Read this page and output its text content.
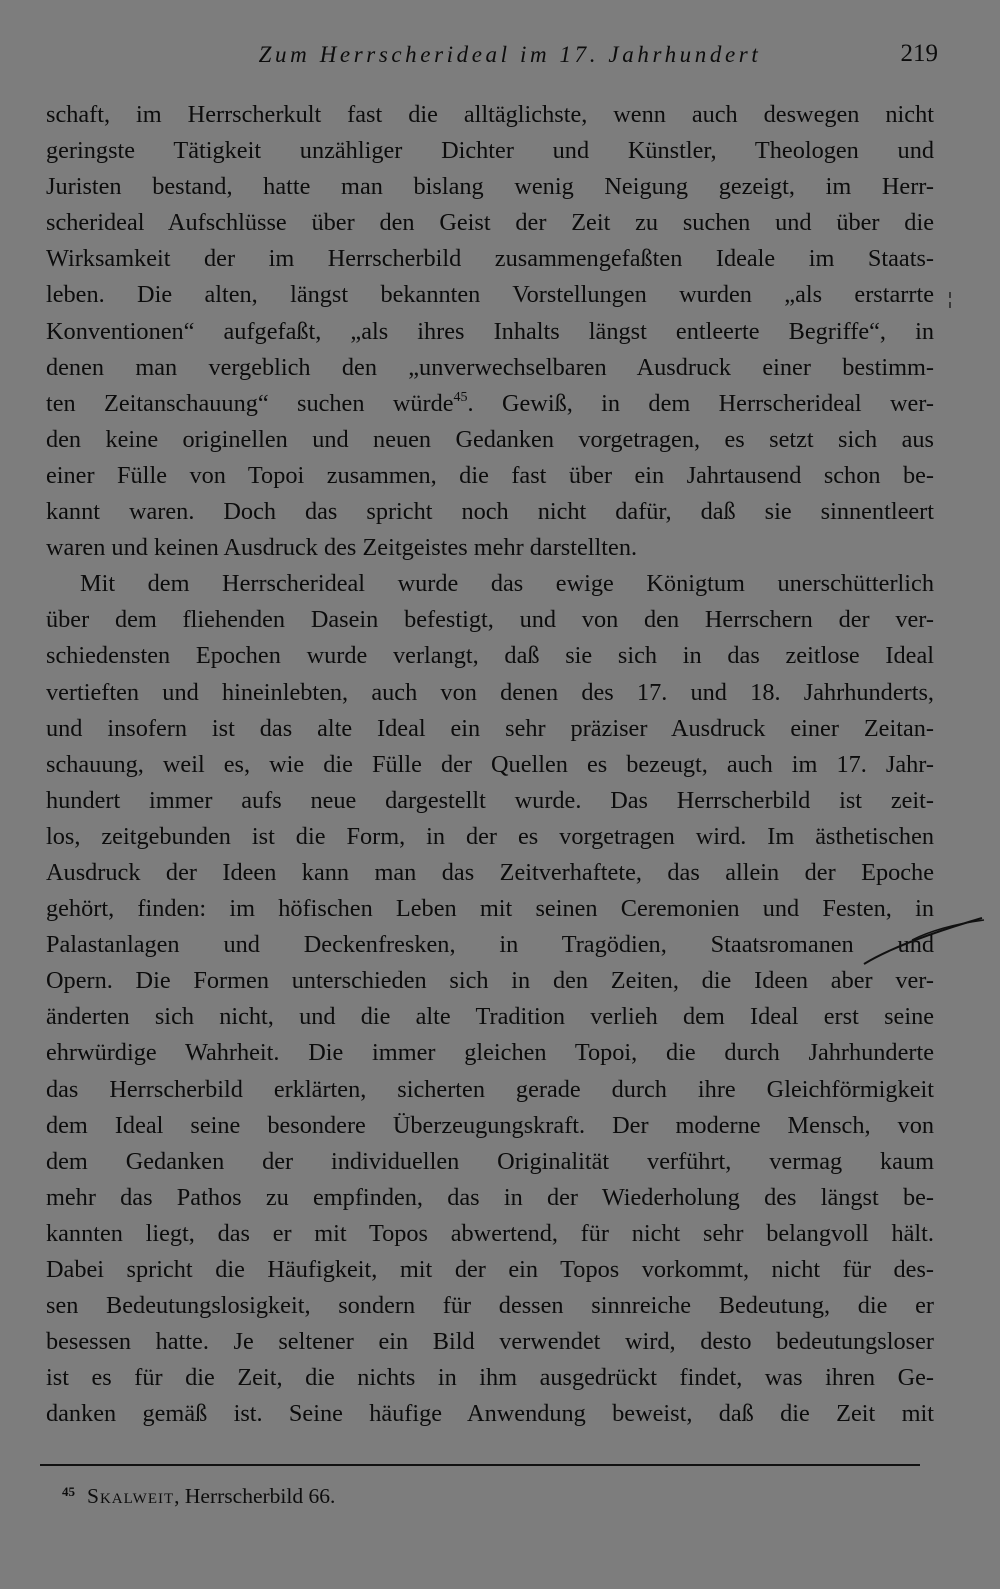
Zum Herrscherideal im 17. Jahrhundert	219
schaft, im Herrscherkult fast die alltäglichste, wenn auch deswegen nicht
geringste Tätigkeit unzähliger Dichter und Künstler, Theologen und
Juristen bestand, hatte man bislang wenig Neigung gezeigt, im Herr-
scherideal Aufschlüsse über den Geist der Zeit zu suchen und über die
Wirksamkeit der im Herrscherbild zusammengefaßten Ideale im Staats-
leben. Die alten, längst bekannten Vorstellungen wurden „als erstarrte
Konventionen“ aufgefaßt, „als ihres Inhalts längst entleerte Begriffe“, in
denen man vergeblich den „unverwechselbaren Ausdruck einer bestimm-
ten Zeitanschauung“ suchen würde$^{45}$. Gewiß, in dem Herrscherideal wer-
den keine originellen und neuen Gedanken vorgetragen, es setzt sich aus
einer Fülle von Topoi zusammen, die fast über ein Jahrtausend schon be-
kannt waren. Doch das spricht noch nicht dafür, daß sie sinnentleert
waren und keinen Ausdruck des Zeitgeistes mehr darstellten.
Mit dem Herrscherideal wurde das ewige Königtum unerschütterlich
über dem fliehenden Dasein befestigt, und von den Herrschern der ver-
schiedensten Epochen wurde verlangt, daß sie sich in das zeitlose Ideal
vertieften und hineinlebten, auch von denen des 17. und 18. Jahrhunderts,
und insofern ist das alte Ideal ein sehr präziser Ausdruck einer Zeitan-
schauung, weil es, wie die Fülle der Quellen es bezeugt, auch im 17. Jahr-
hundert immer aufs neue dargestellt wurde. Das Herrscherbild ist zeit-
los, zeitgebunden ist die Form, in der es vorgetragen wird. Im ästhetischen
Ausdruck der Ideen kann man das Zeitverhaftete, das allein der Epoche
gehört, finden: im höfischen Leben mit seinen Ceremonien und Festen, in
Palastanlagen und Deckenfresken, in Tragödien, Staatsromanen und
Opern. Die Formen unterschieden sich in den Zeiten, die Ideen aber ver-
änderten sich nicht, und die alte Tradition verlieh dem Ideal erst seine
ehrwürdige Wahrheit. Die immer gleichen Topoi, die durch Jahrhunderte
das Herrscherbild erklärten, sicherten gerade durch ihre Gleichförmigkeit
dem Ideal seine besondere Überzeugungskraft. Der moderne Mensch, von
dem Gedanken der individuellen Originalität verführt, vermag kaum
mehr das Pathos zu empfinden, das in der Wiederholung des längst be-
kannten liegt, das er mit Topos abwertend, für nicht sehr belangvoll hält.
Dabei spricht die Häufigkeit, mit der ein Topos vorkommt, nicht für des-
sen Bedeutungslosigkeit, sondern für dessen sinnreiche Bedeutung, die er
besessen hatte. Je seltener ein Bild verwendet wird, desto bedeutungsloser
ist es für die Zeit, die nichts in ihm ausgedrückt findet, was ihren Ge-
danken gemäß ist. Seine häufige Anwendung beweist, daß die Zeit mit
$^{45}$ Skalweit, Herrscherbild 66.
